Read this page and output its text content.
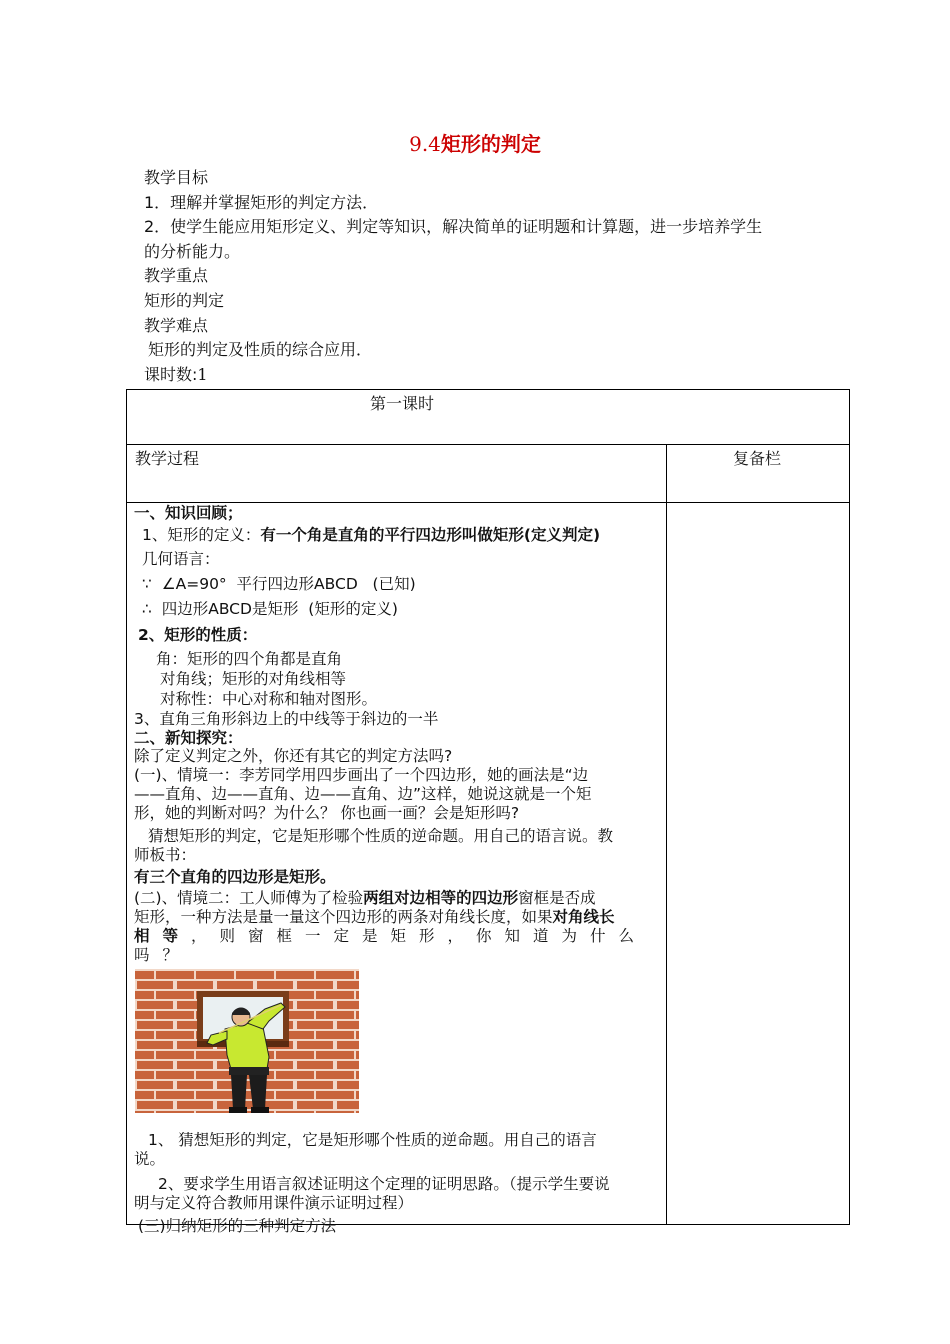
9.4矩形的判定

教学目标

1．理解并掌握矩形的判定方法．

2．使学生能应用矩形定义、判定等知识，解决简单的证明题和计算题，进一步培养学生

的分析能力。

教学重点

矩形的判定

教学难点

矩形的判定及性质的综合应用．

课时数:1

第一课时
教学过程	复备栏

一、知识回顾；

1、矩形的定义：有一个角是直角的平行四边形叫做矩形(定义判定)

几何语言：

∵  ∠A=90°  平行四边形ABCD   (已知)

∴  四边形ABCD是矩形  (矩形的定义)

2、矩形的性质：

角：矩形的四个角都是直角

对角线；矩形的对角线相等

对称性：中心对称和轴对图形。

3、直角三角形斜边上的中线等于斜边的一半

二、新知探究：

除了定义判定之外，你还有其它的判定方法吗?

(一)、情境一：李芳同学用四步画出了一个四边形，她的画法是“边

——直角、边——直角、边——直角、边”这样，她说这就是一个矩

形，她的判断对吗？为什么？ 你也画一画？会是矩形吗?

猜想矩形的判定，它是矩形哪个性质的逆命题。用自己的语言说。教

师板书：

有三个直角的四边形是矩形。

(二)、情境二：工人师傅为了检验两组对边相等的四边形窗框是否成

矩形，一种方法是量一量这个四边形的两条对角线长度，如果对角线长

相等，则窗框一定是矩形，你知道为什么吗？

1、 猜想矩形的判定，它是矩形哪个性质的逆命题。用自己的语言

说。

2、要求学生用语言叙述证明这个定理的证明思路。（提示学生要说

明与定义符合教师用课件演示证明过程）

(三)归纳矩形的三种判定方法
